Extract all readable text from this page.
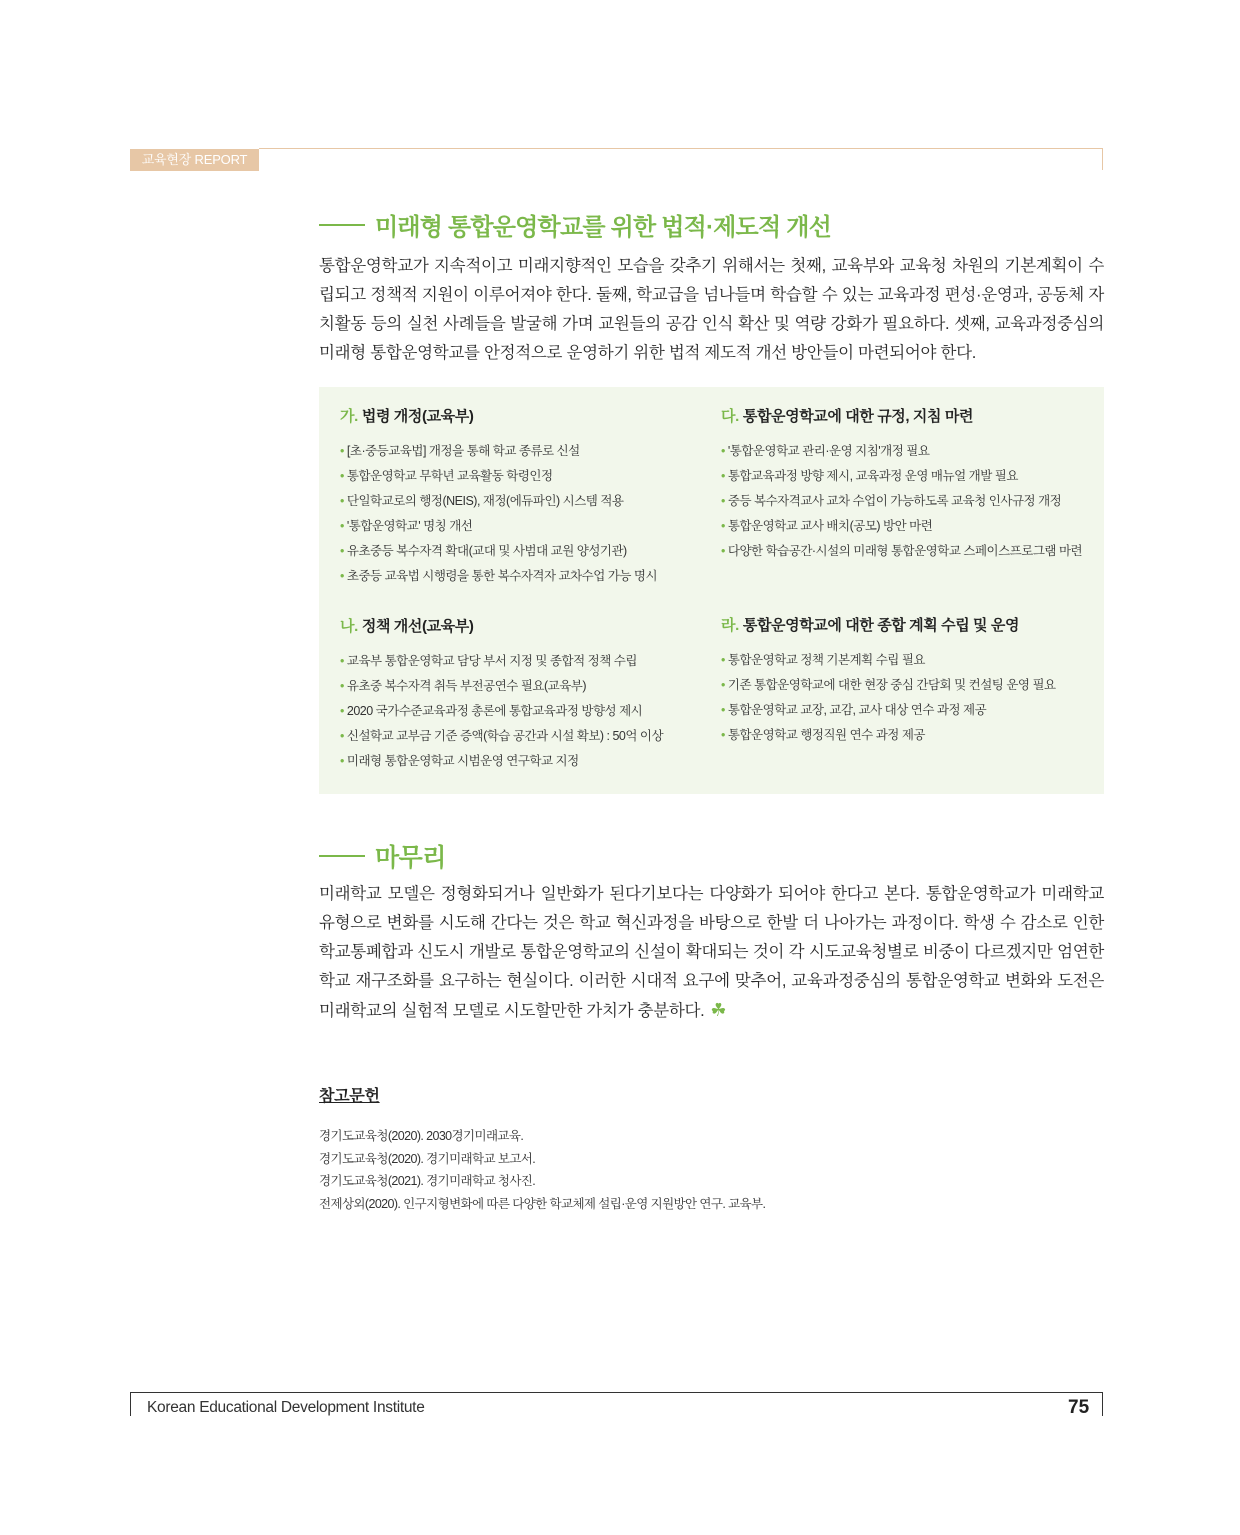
교육현장 REPORT
미래형 통합운영학교를 위한 법적·제도적 개선

통합운영학교가 지속적이고 미래지향적인 모습을 갖추기 위해서는 첫째, 교육부와 교육청 차원의 기본계획이 수립되고 정책적 지원이 이루어져야 한다. 둘째, 학교급을 넘나들며 학습할 수 있는 교육과정 편성·운영과, 공동체 자치활동 등의 실천 사례들을 발굴해 가며 교원들의 공감 인식 확산 및 역량 강화가 필요하다. 셋째, 교육과정중심의 미래형 통합운영학교를 안정적으로 운영하기 위한 법적 제도적 개선 방안들이 마련되어야 한다.

가. 법령 개정(교육부)
• [초·중등교육법] 개정을 통해 학교 종류로 신설
• 통합운영학교 무학년 교육활동 학령인정
• 단일학교로의 행정(NEIS), 재정(에듀파인) 시스템 적용
• '통합운영학교' 명칭 개선
• 유초중등 복수자격 확대(교대 및 사범대 교원 양성기관)
• 초중등 교육법 시행령을 통한 복수자격자 교차수업 가능 명시
다. 통합운영학교에 대한 규정, 지침 마련
• '통합운영학교 관리·운영 지침'개정 필요
• 통합교육과정 방향 제시, 교육과정 운영 매뉴얼 개발 필요
• 중등 복수자격교사 교차 수업이 가능하도록 교육청 인사규정 개정
• 통합운영학교 교사 배치(공모) 방안 마련
• 다양한 학습공간·시설의 미래형 통합운영학교 스페이스프로그램 마련
나. 정책 개선(교육부)
• 교육부 통합운영학교 담당 부서 지정 및 종합적 정책 수립
• 유초중 복수자격 취득 부전공연수 필요(교육부)
• 2020 국가수준교육과정 총론에 통합교육과정 방향성 제시
• 신설학교 교부금 기준 증액(학습 공간과 시설 확보) : 50억 이상
• 미래형 통합운영학교 시범운영 연구학교 지정
라. 통합운영학교에 대한 종합 계획 수립 및 운영
• 통합운영학교 정책 기본계획 수립 필요
• 기존 통합운영학교에 대한 현장 중심 간담회 및 컨설팅 운영 필요
• 통합운영학교 교장, 교감, 교사 대상 연수 과정 제공
• 통합운영학교 행정직원 연수 과정 제공
마무리

미래학교 모델은 정형화되거나 일반화가 된다기보다는 다양화가 되어야 한다고 본다. 통합운영학교가 미래학교 유형으로 변화를 시도해 간다는 것은 학교 혁신과정을 바탕으로 한발 더 나아가는 과정이다. 학생 수 감소로 인한 학교통폐합과 신도시 개발로 통합운영학교의 신설이 확대되는 것이 각 시도교육청별로 비중이 다르겠지만 엄연한 학교 재구조화를 요구하는 현실이다. 이러한 시대적 요구에 맞추어, 교육과정중심의 통합운영학교 변화와 도전은 미래학교의 실험적 모델로 시도할만한 가치가 충분하다. ☘

참고문헌
경기도교육청(2020). 2030경기미래교육.
경기도교육청(2020). 경기미래학교 보고서.
경기도교육청(2021). 경기미래학교 청사진.
전제상외(2020). 인구지형변화에 따른 다양한 학교체제 설립·운영 지원방안 연구. 교육부.
Korean Educational Development Institute	75
